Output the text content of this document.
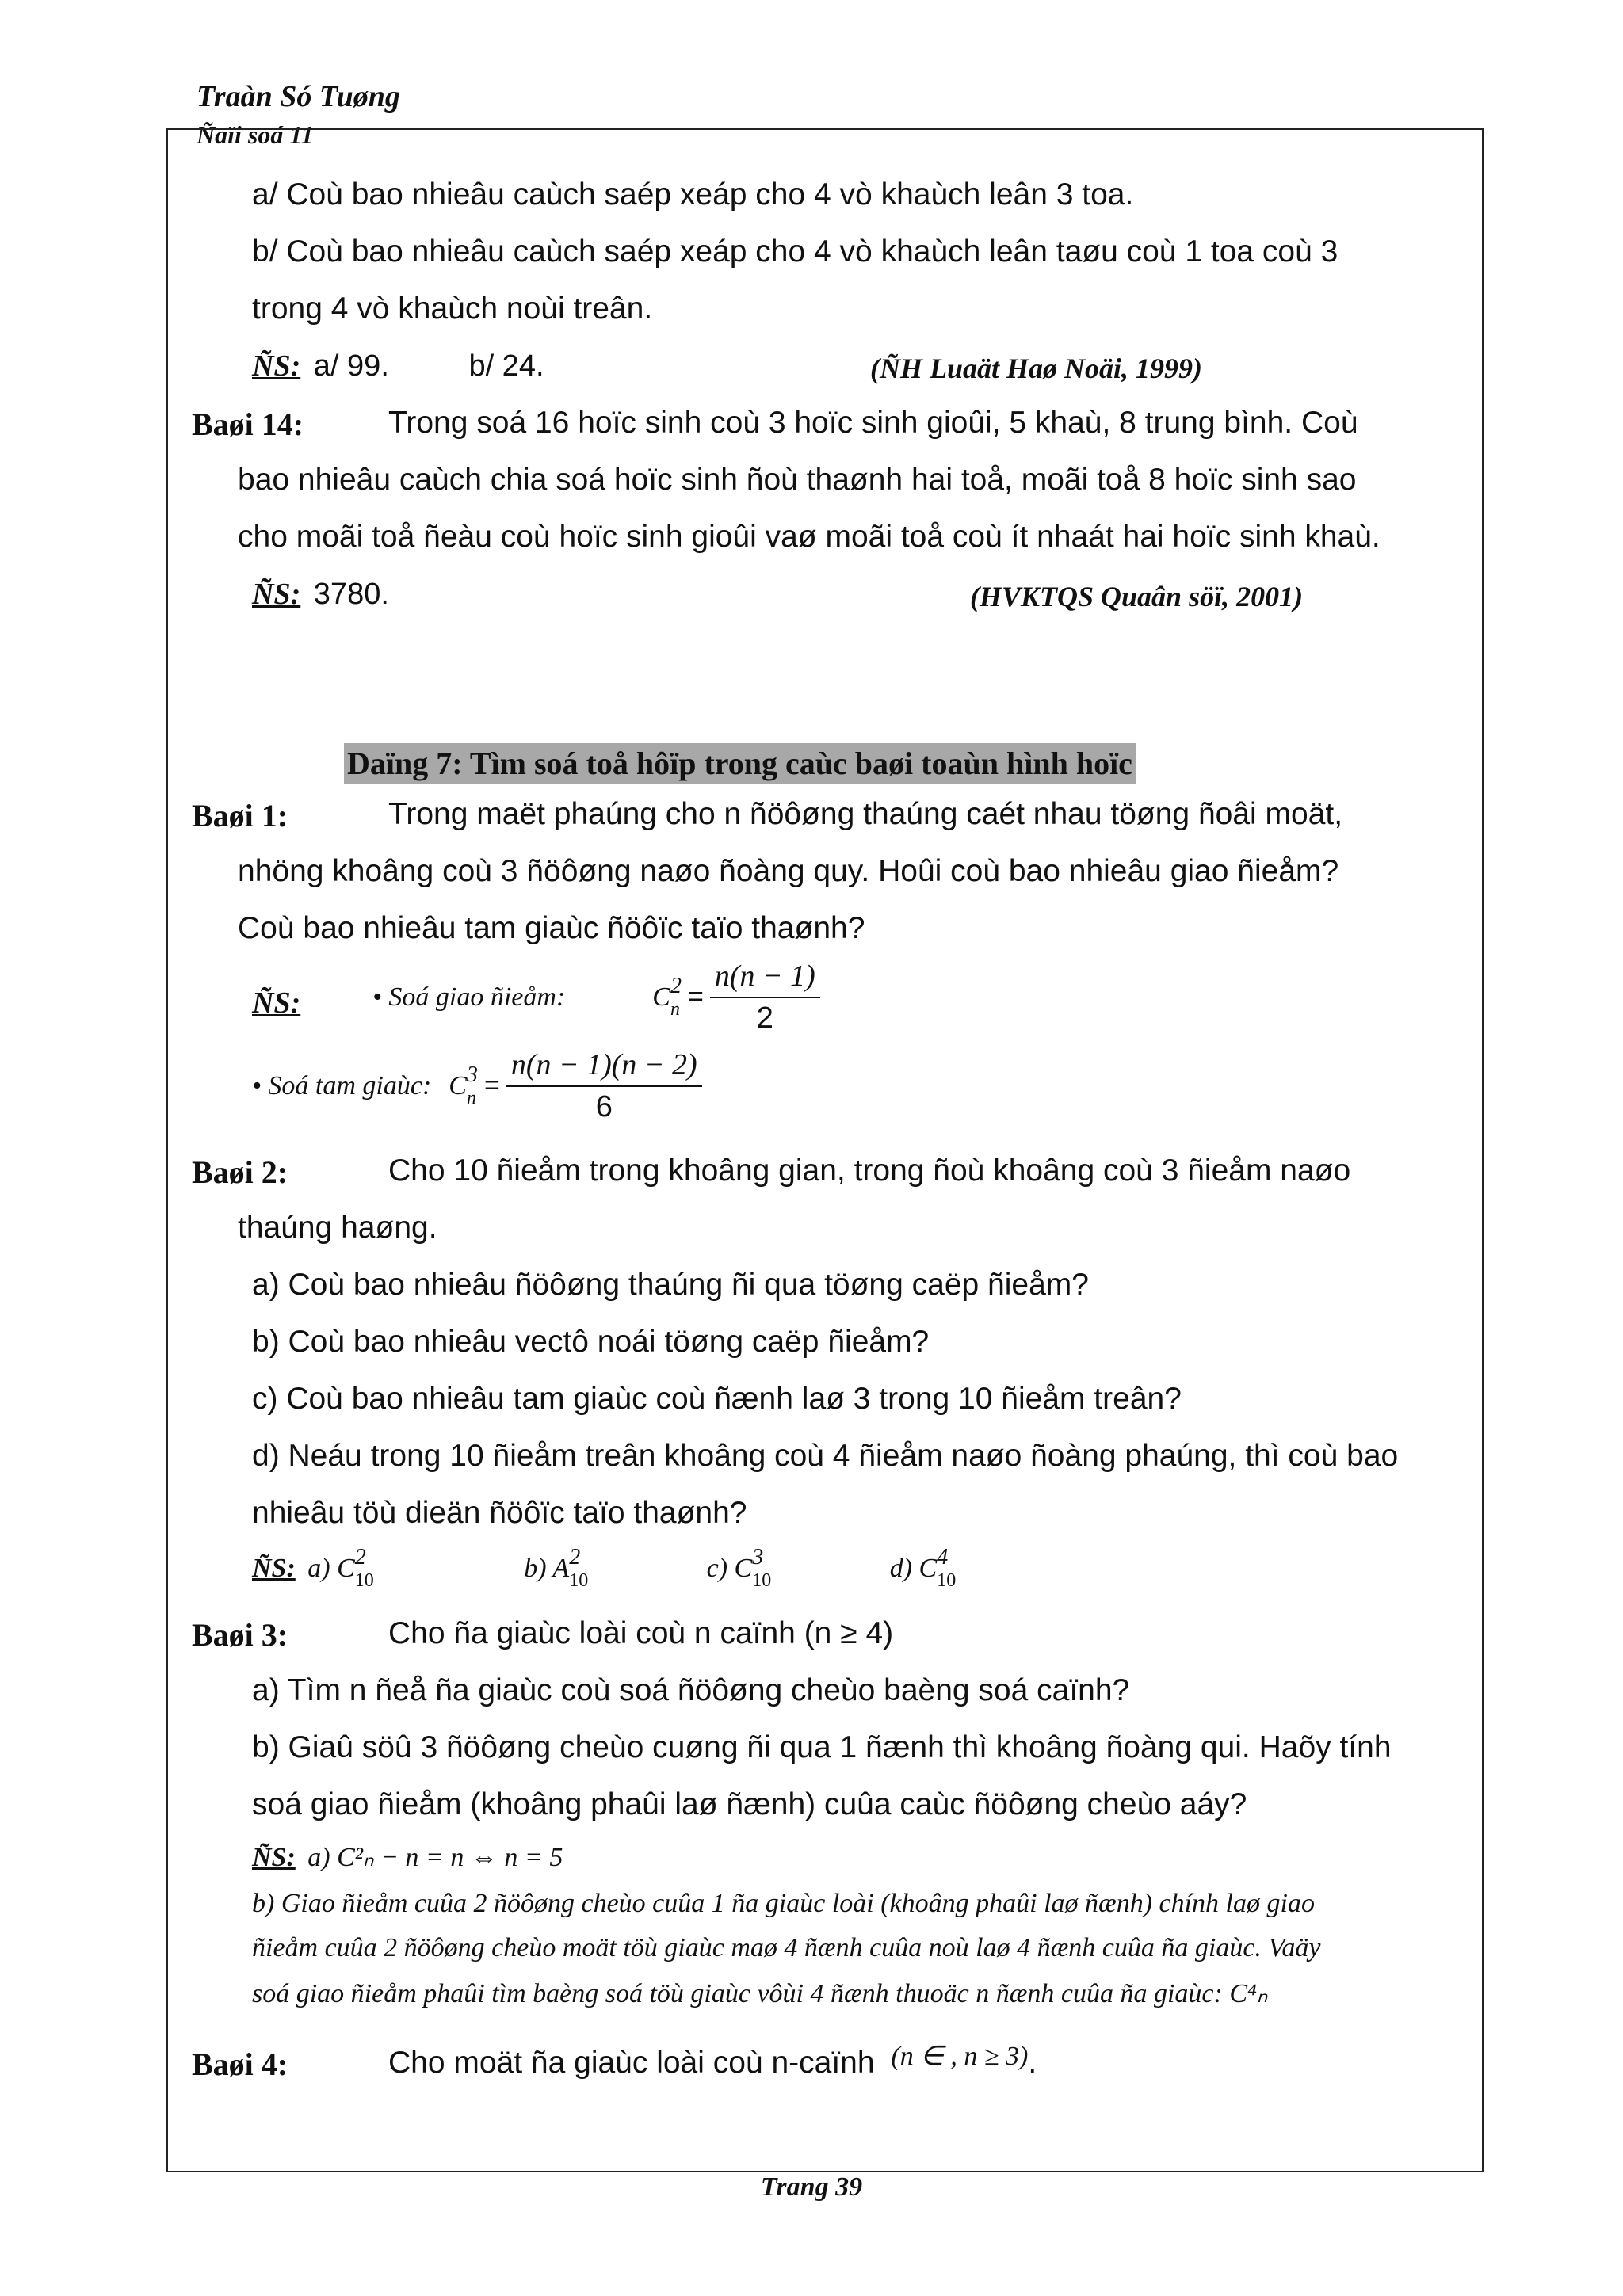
Traàn Só Tuøng
Ñaïi soá 11
a/ Coù bao nhieâu caùch saép xeáp cho 4 vò khaùch leân 3 toa.
b/ Coù bao nhieâu caùch saép xeáp cho 4 vò khaùch leân taøu coù 1 toa coù 3
trong 4 vò khaùch noùi treân.
ÑS: a/ 99.	b/ 24.	(ÑH Luaät Haø Noäi, 1999)
Baøi 14:	Trong soá 16 hoïc sinh coù 3 hoïc sinh gioûi, 5 khaù, 8 trung bình. Coù
bao nhieâu caùch chia soá hoïc sinh ñoù thaønh hai toå, moãi toå 8 hoïc sinh sao
cho moãi toå ñeàu coù hoïc sinh gioûi vaø moãi toå coù ít nhaát hai hoïc sinh khaù.
ÑS: 3780.	(HVKTQS Quaân söï, 2001)
Daïng 7: Tìm soá toå hôïp trong caùc baøi toaùn hình hoïc
Baøi 1:	Trong maët phaúng cho n ñöôøng thaúng caét nhau töøng ñoâi moät,
nhöng khoâng coù 3 ñöôøng naøo ñoàng quy. Hoûi coù bao nhieâu giao ñieåm?
Coù bao nhieâu tam giaùc ñöôïc taïo thaønh?
ÑS:	• Soá giao ñieåm:	$C^2_n = \frac{n(n - 1)}{2}$
• Soá tam giaùc: $C^3_n = \frac{n(n - 1)(n - 2)}{6}$
Baøi 2:	Cho 10 ñieåm trong khoâng gian, trong ñoù khoâng coù 3 ñieåm naøo
thaúng haøng.
a) Coù bao nhieâu ñöôøng thaúng ñi qua töøng caëp ñieåm?
b) Coù bao nhieâu vectô noái töøng caëp ñieåm?
c) Coù bao nhieâu tam giaùc coù ñænh laø 3 trong 10 ñieåm treân?
d) Neáu trong 10 ñieåm treân khoâng coù 4 ñieåm naøo ñoàng phaúng, thì coù bao
nhieâu töù dieän ñöôïc taïo thaønh?
ÑS: a) $C^2_{10}$	b) $A^2_{10}$	c) $C^3_{10}$	d) $C^4_{10}$
Baøi 3:	Cho ña giaùc loài coù n caïnh (n ≥ 4)
a) Tìm n ñeå ña giaùc coù soá ñöôøng cheùo baèng soá caïnh?
b) Giaû söû 3 ñöôøng cheùo cuøng ñi qua 1 ñænh thì khoâng ñoàng qui. Haõy tính
soá giao ñieåm (khoâng phaûi laø ñænh) cuûa caùc ñöôøng cheùo aáy?
ÑS: a) C²ₙ − n = n ⇔ n = 5
b) Giao ñieåm cuûa 2 ñöôøng cheùo cuûa 1 ña giaùc loài (khoâng phaûi laø ñænh) chính laø giao
ñieåm cuûa 2 ñöôøng cheùo moät töù giaùc maø 4 ñænh cuûa noù laø 4 ñænh cuûa ña giaùc. Vaäy
soá giao ñieåm phaûi tìm baèng soá töù giaùc vôùi 4 ñænh thuoäc n ñænh cuûa ña giaùc: C⁴ₙ
Baøi 4:	Cho moät ña giaùc loài coù n-caïnh (n ∈ , n ≥ 3).
Trang 39
